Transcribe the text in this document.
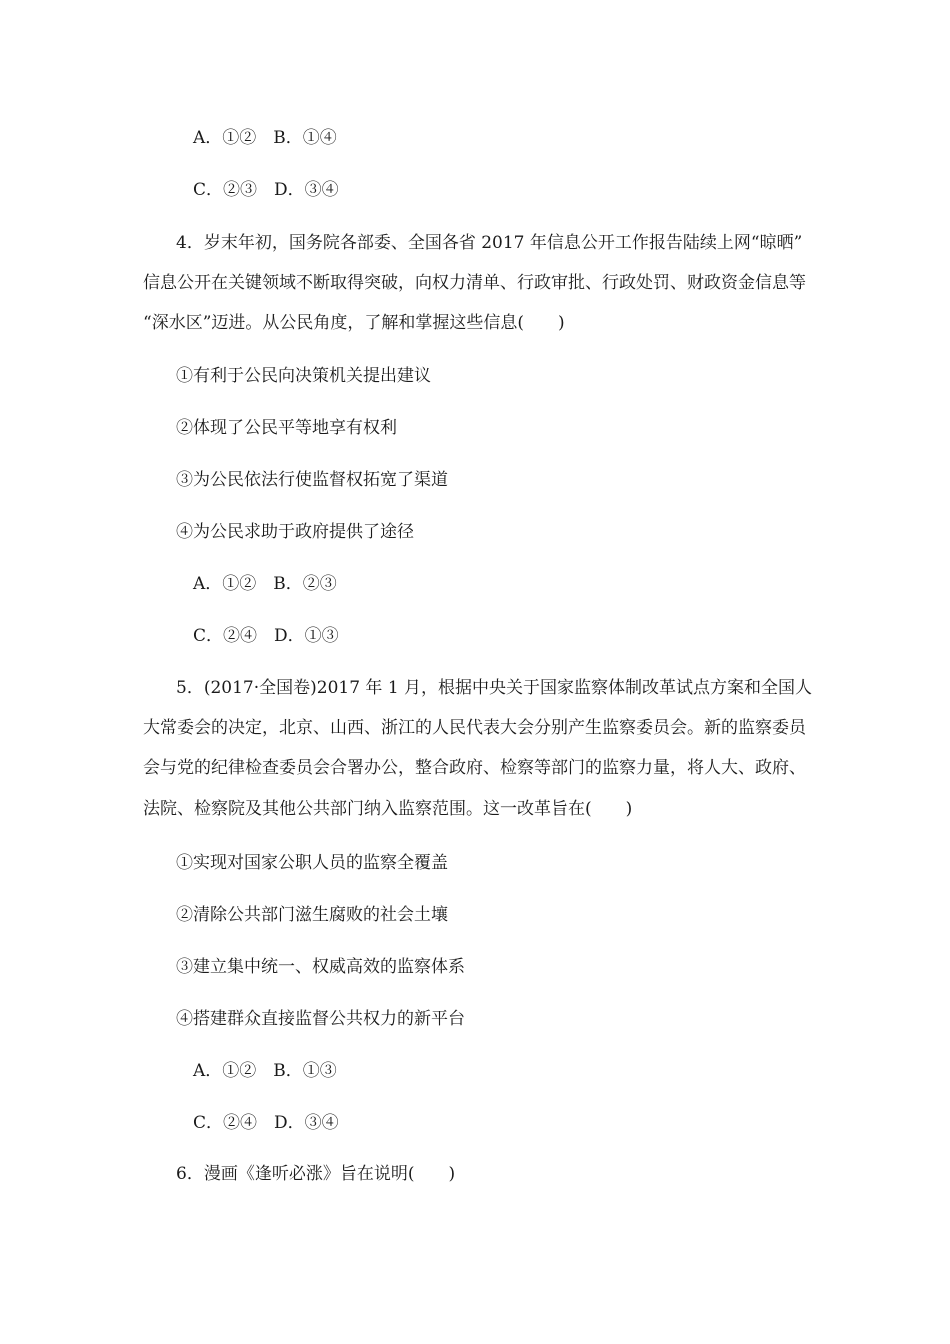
A．①②　B．①④
C．②③　D．③④
4．岁末年初，国务院各部委、全国各省 2017 年信息公开工作报告陆续上网“晾晒”
信息公开在关键领域不断取得突破，向权力清单、行政审批、行政处罚、财政资金信息等
“深水区”迈进。从公民角度，了解和掌握这些信息(　　)
①有利于公民向决策机关提出建议
②体现了公民平等地享有权利
③为公民依法行使监督权拓宽了渠道
④为公民求助于政府提供了途径
A．①②　B．②③
C．②④　D．①③
5．(2017·全国卷)2017 年 1 月，根据中央关于国家监察体制改革试点方案和全国人
大常委会的决定，北京、山西、浙江的人民代表大会分别产生监察委员会。新的监察委员
会与党的纪律检查委员会合署办公，整合政府、检察等部门的监察力量，将人大、政府、
法院、检察院及其他公共部门纳入监察范围。这一改革旨在(　　)
①实现对国家公职人员的监察全覆盖
②清除公共部门滋生腐败的社会土壤
③建立集中统一、权威高效的监察体系
④搭建群众直接监督公共权力的新平台
A．①②　B．①③
C．②④　D．③④
6．漫画《逢听必涨》旨在说明(　　)
